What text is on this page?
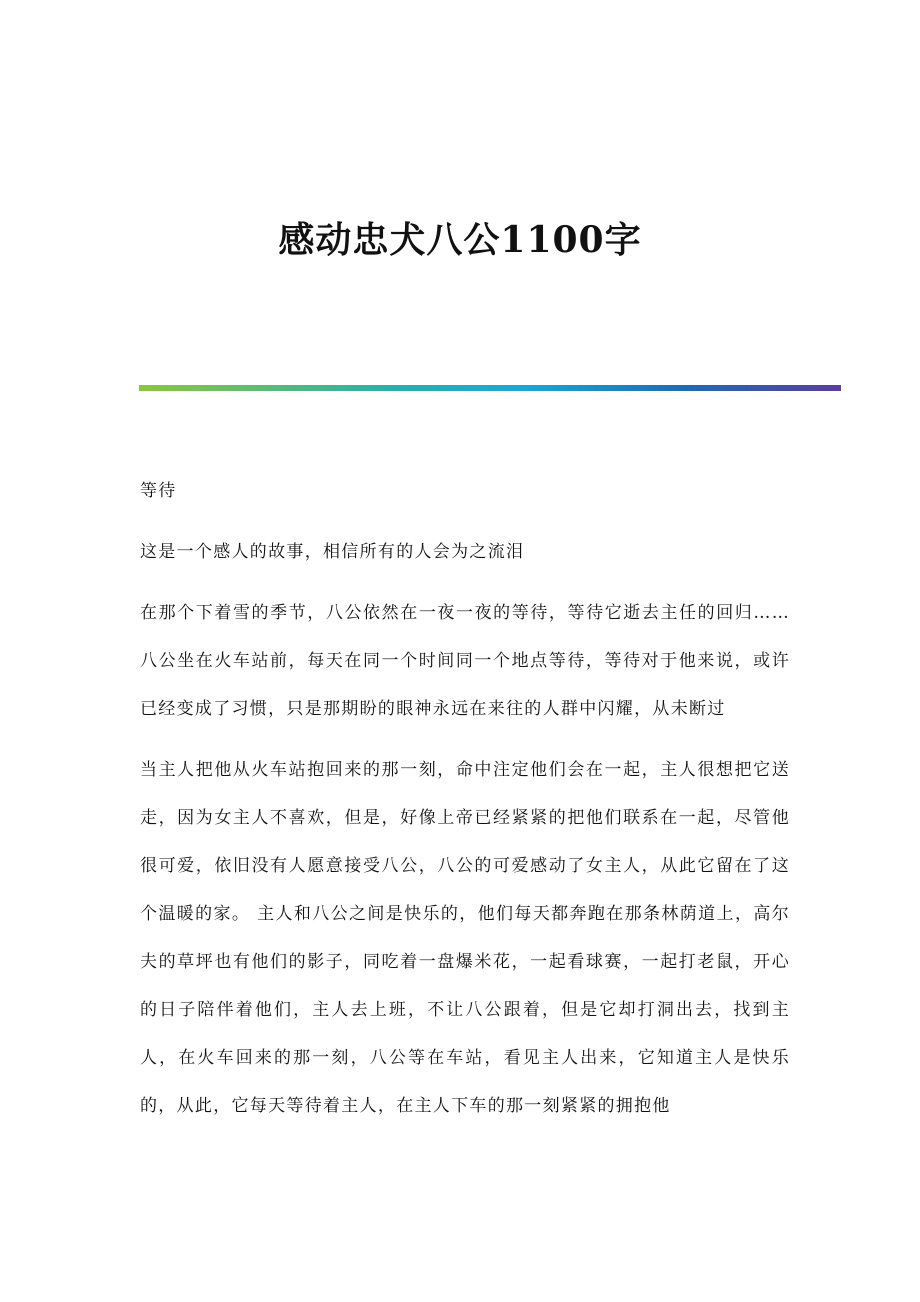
感动忠犬八公1100字

等待

这是一个感人的故事，相信所有的人会为之流泪

在那个下着雪的季节，八公依然在一夜一夜的等待，等待它逝去主任的回归…… 八公坐在火车站前，每天在同一个时间同一个地点等待，等待对于他来说，或许已经变成了习惯，只是那期盼的眼神永远在来往的人群中闪耀，从未断过

当主人把他从火车站抱回来的那一刻，命中注定他们会在一起，主人很想把它送走，因为女主人不喜欢，但是，好像上帝已经紧紧的把他们联系在一起，尽管他很可爱，依旧没有人愿意接受八公，八公的可爱感动了女主人，从此它留在了这个温暖的家。 主人和八公之间是快乐的，他们每天都奔跑在那条林荫道上，高尔夫的草坪也有他们的影子，同吃着一盘爆米花，一起看球赛，一起打老鼠，开心的日子陪伴着他们，主人去上班，不让八公跟着，但是它却打洞出去，找到主人，在火车回来的那一刻，八公等在车站，看见主人出来，它知道主人是快乐的，从此，它每天等待着主人，在主人下车的那一刻紧紧的拥抱他
